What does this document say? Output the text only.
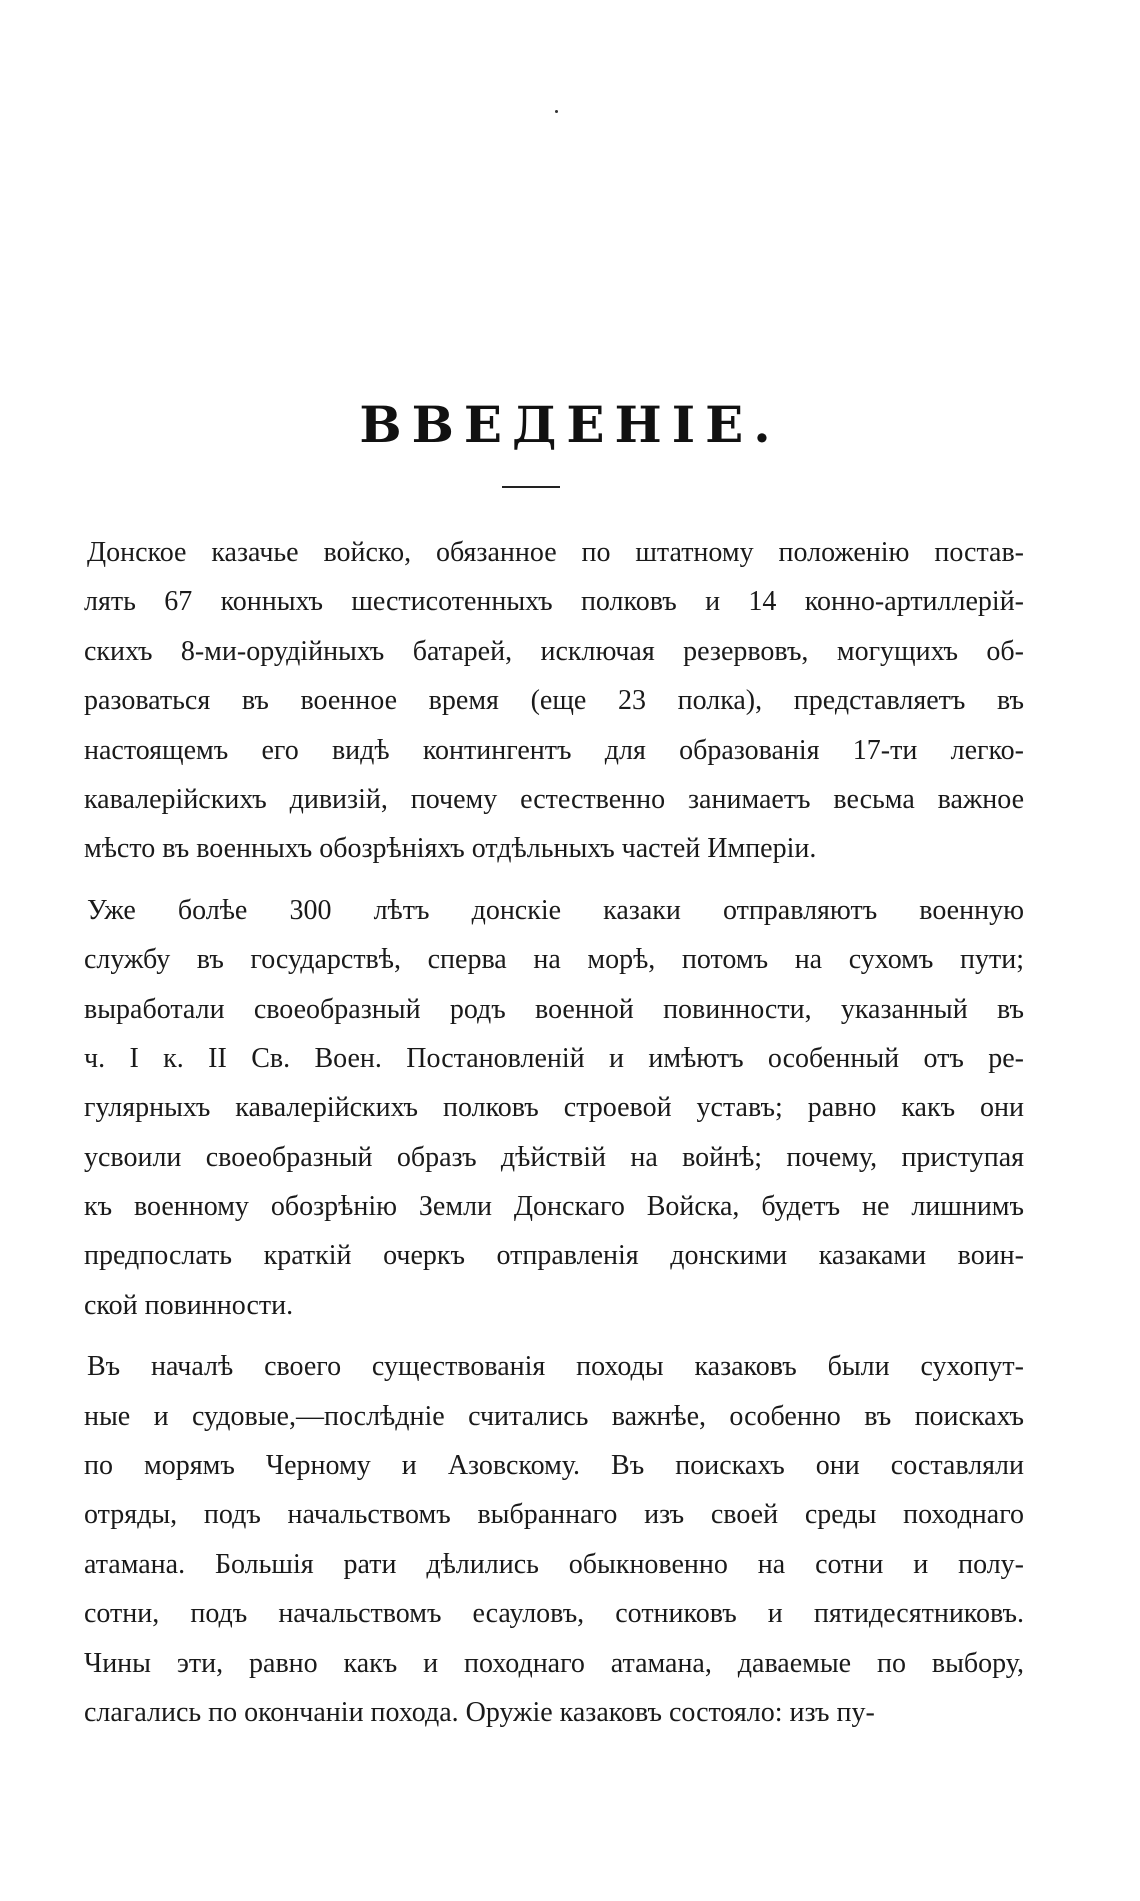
ВВЕДЕНІЕ.
Донское казачье войско, обязанное по штатному положенію постав-
лять 67 конныхъ шестисотенныхъ полковъ и 14 конно-артиллерій-
скихъ 8-ми-орудійныхъ батарей, исключая резервовъ, могущихъ об-
разоваться въ военное время (еще 23 полка), представляетъ въ
настоящемъ его видѣ контингентъ для образованія 17-ти легко-
кавалерійскихъ дивизій, почему естественно занимаетъ весьма важное
мѣсто въ военныхъ обозрѣніяхъ отдѣльныхъ частей Имперіи.
Уже болѣе 300 лѣтъ донскіе казаки отправляютъ военную
службу въ государствѣ, сперва на морѣ, потомъ на сухомъ пути;
выработали своеобразный родъ военной повинности, указанный въ
ч. I к. II Св. Воен. Постановленій и имѣютъ особенный отъ ре-
гулярныхъ кавалерійскихъ полковъ строевой уставъ; равно какъ они
усвоили своеобразный образъ дѣйствій на войнѣ; почему, приступая
къ военному обозрѣнію Земли Донскаго Войска, будетъ не лишнимъ
предпослать краткій очеркъ отправленія донскими казаками воин-
ской повинности.
Въ началѣ своего существованія походы казаковъ были сухопут-
ные и судовые,—послѣдніе считались важнѣе, особенно въ поискахъ
по морямъ Черному и Азовскому. Въ поискахъ они составляли
отряды, подъ начальствомъ выбраннаго изъ своей среды походнаго
атамана. Большія рати дѣлились обыкновенно на сотни и полу-
сотни, подъ начальствомъ есауловъ, сотниковъ и пятидесятниковъ.
Чины эти, равно какъ и походнаго атамана, даваемые по выбору,
слагались по окончаніи похода. Оружіе казаковъ состояло: изъ пу-
